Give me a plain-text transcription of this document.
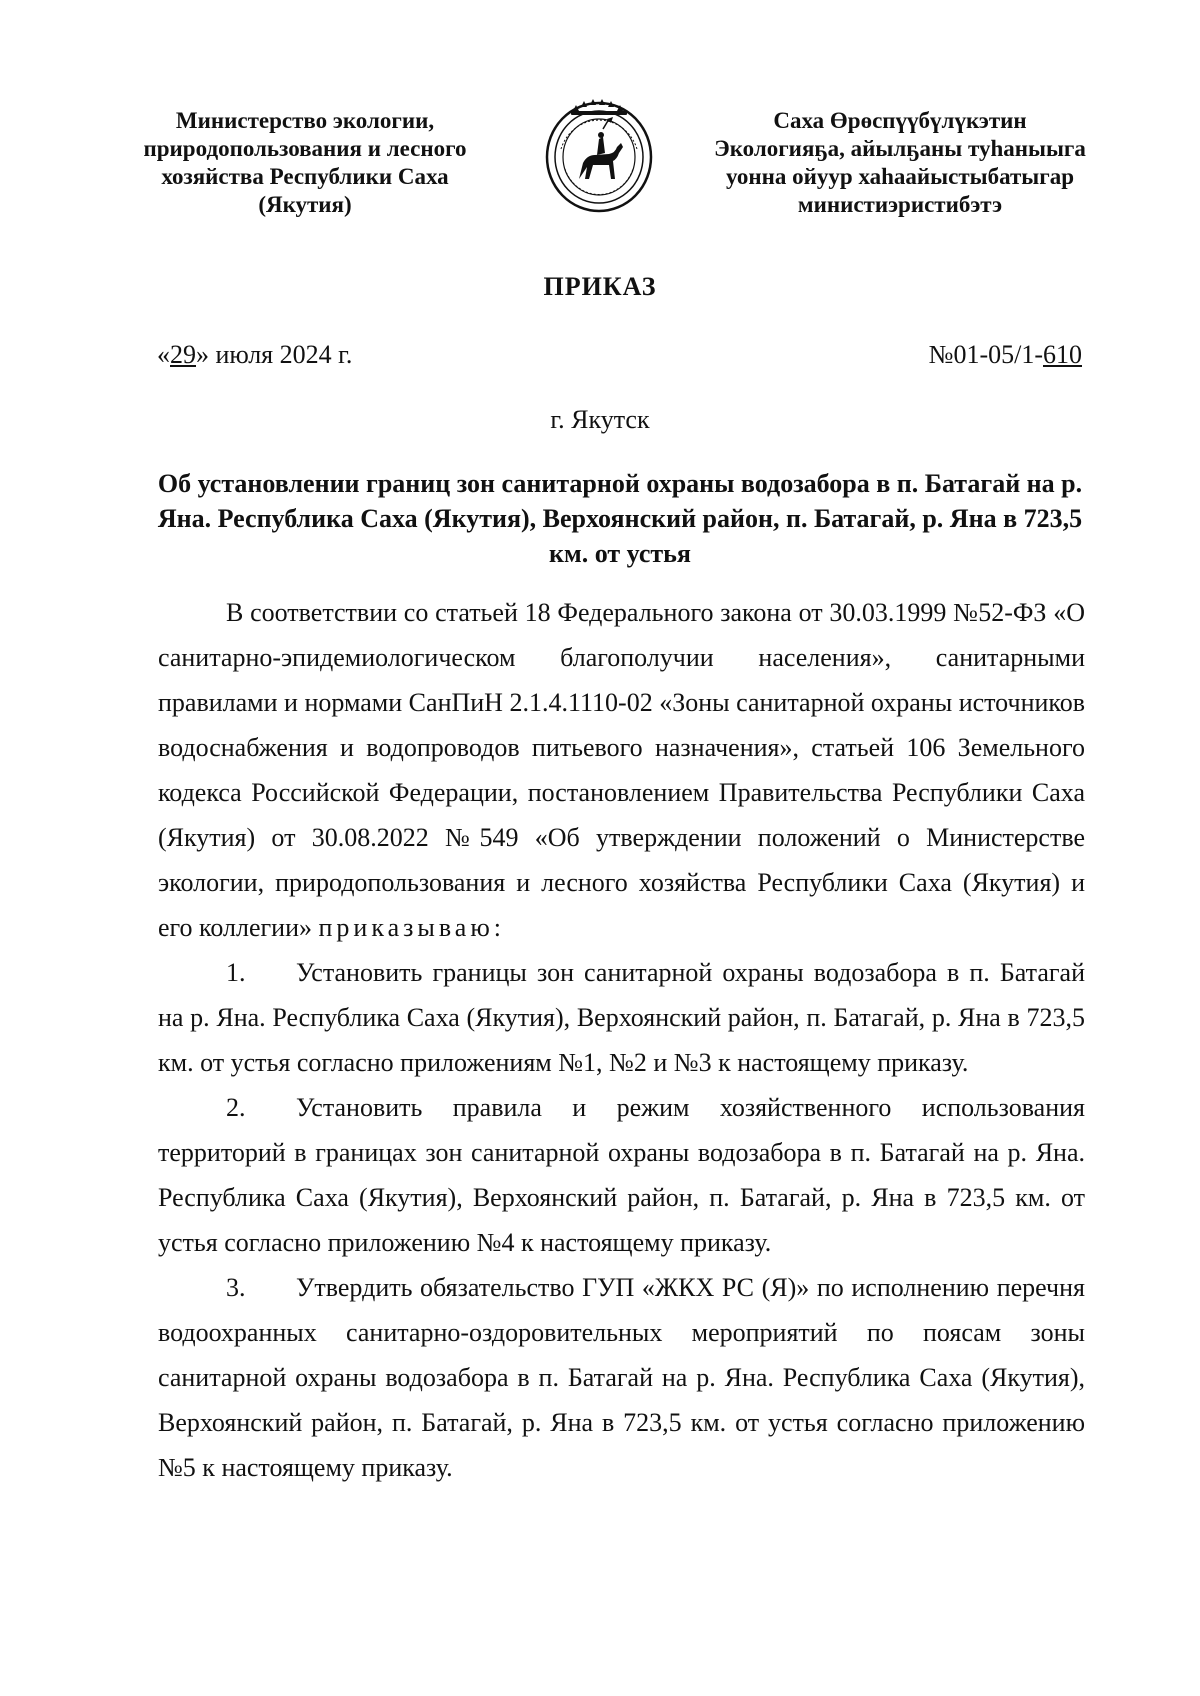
Министерство экологии,
природопользования и лесного
хозяйства Республики Саха
(Якутия)
Саха Өрөспүүбүлүкэтин
Экологияҕа, айылҕаны туһаныыга
уонна ойуур хаһаайыстыбатыгар
министиэристибэтэ
ПРИКАЗ
«29» июля 2024 г.	№01-05/1-610
г. Якутск
Об установлении границ зон санитарной охраны водозабора в п. Батагай на р. Яна. Республика Саха (Якутия), Верхоянский район, п. Батагай, р. Яна в 723,5 км. от устья

В соответствии со статьей 18 Федерального закона от 30.03.1999 №52-ФЗ «О санитарно-эпидемиологическом благополучии населения», санитарными правилами и нормами СанПиН 2.1.4.1110-02 «Зоны санитарной охраны источников водоснабжения и водопроводов питьевого назначения», статьей 106 Земельного кодекса Российской Федерации, постановлением Правительства Республики Саха (Якутия) от 30.08.2022 №549 «Об утверждении положений о Министерстве экологии, природопользования и лесного хозяйства Республики Саха (Якутия) и его коллегии» приказываю:

1. Установить границы зон санитарной охраны водозабора в п. Батагай на р. Яна. Республика Саха (Якутия), Верхоянский район, п. Батагай, р. Яна в 723,5 км. от устья согласно приложениям №1, №2 и №3 к настоящему приказу.

2. Установить правила и режим хозяйственного использования территорий в границах зон санитарной охраны водозабора в п. Батагай на р. Яна. Республика Саха (Якутия), Верхоянский район, п. Батагай, р. Яна в 723,5 км. от устья согласно приложению №4 к настоящему приказу.

3. Утвердить обязательство ГУП «ЖКХ РС (Я)» по исполнению перечня водоохранных санитарно-оздоровительных мероприятий по поясам зоны санитарной охраны водозабора в п. Батагай на р. Яна. Республика Саха (Якутия), Верхоянский район, п. Батагай, р. Яна в 723,5 км. от устья согласно приложению №5 к настоящему приказу.
